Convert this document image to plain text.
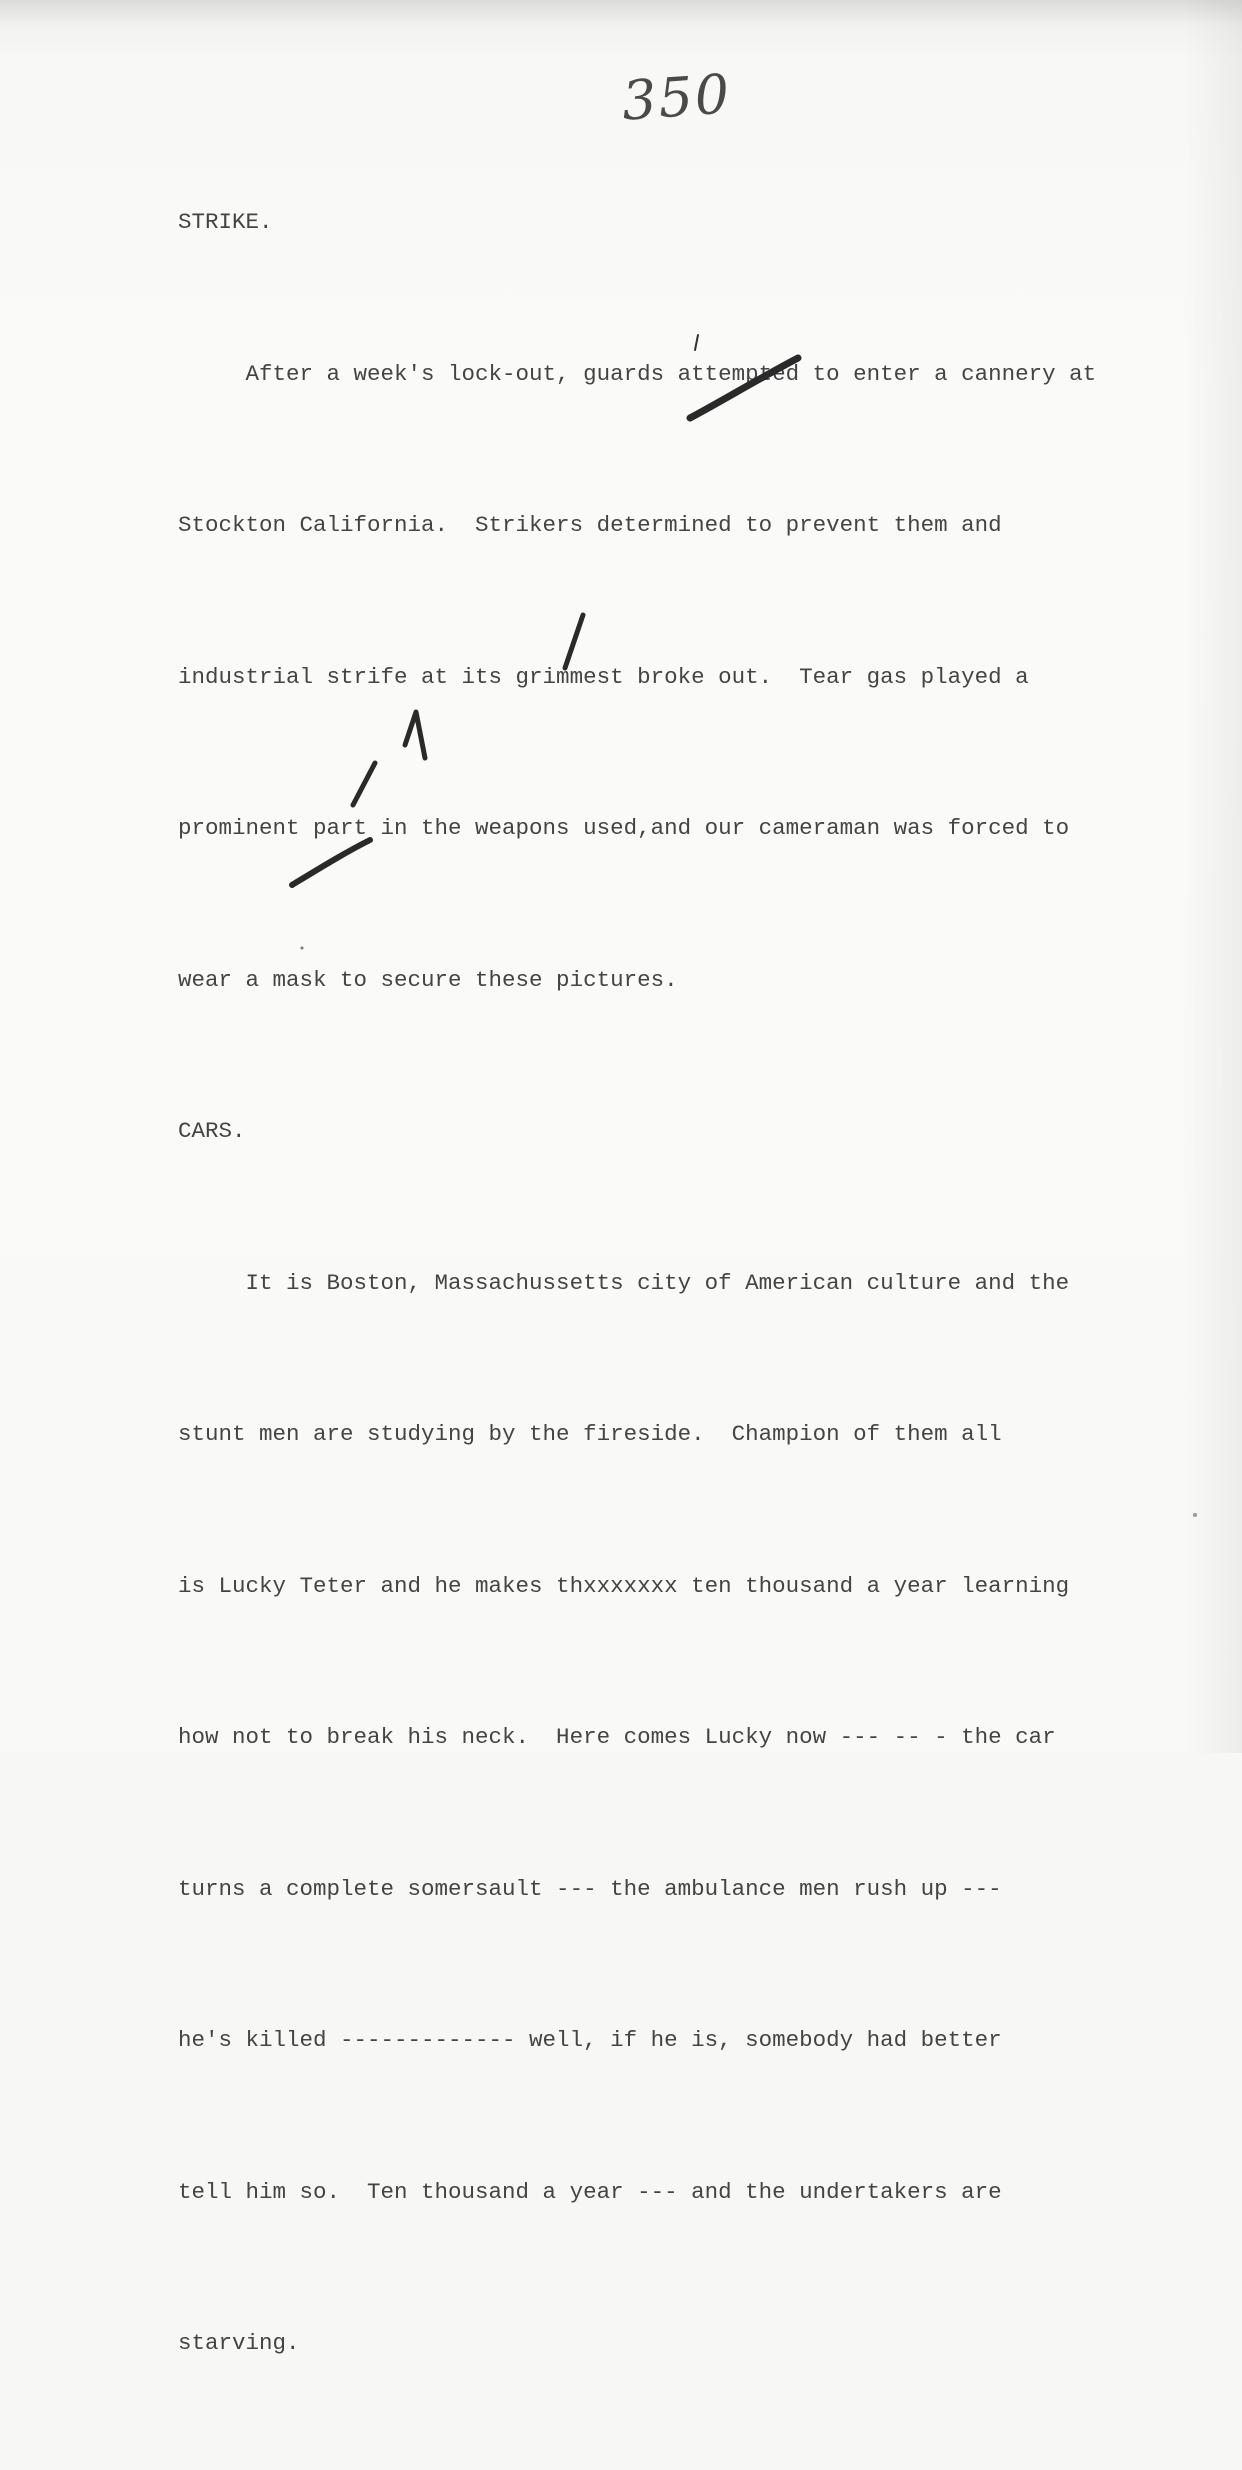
350

STRIKE.

After a week's lock-out, guards attempted to enter a cannery at

Stockton California.  Strikers determined to prevent them and

industrial strife at its grimmest broke out.  Tear gas played a

prominent part in the weapons used,and our cameraman was forced to

wear a mask to secure these pictures.

CARS.

It is Boston, Massachussetts city of American culture and the

stunt men are studying by the fireside.  Champion of them all

is Lucky Teter and he makes thxxxxxxx ten thousand a year learning

how not to break his neck.  Here comes Lucky now --- -- - the car

turns a complete somersault --- the ambulance men rush up ---

he's killed ------------- well, if he is, somebody had better

tell him so.  Ten thousand a year --- and the undertakers are

starving.
